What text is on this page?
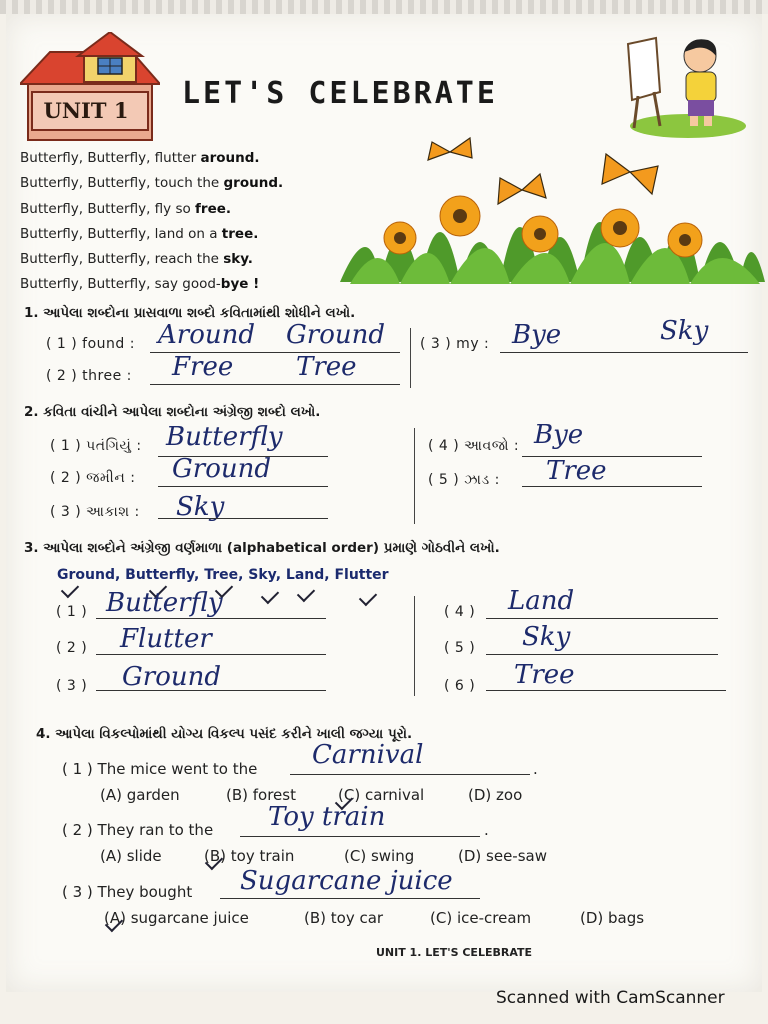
UNIT 1	LET'S CELEBRATE
Butterfly, Butterfly, flutter around.
Butterfly, Butterfly, touch the ground.
Butterfly, Butterfly, fly so free.
Butterfly, Butterfly, land on a tree.
Butterfly, Butterfly, reach the sky.
Butterfly, Butterfly, say good-bye !
1. આપેલા શબ્દોના પ્રાસવાળા શબ્દો કવિતામાંથી શોધીને લખો.
( 1 ) found : Around Ground
( 2 ) three : Free Tree
( 3 ) my : Bye	Sky
2. કવિતા વાંચીને આપેલા શબ્દોના અંગ્રેજી શબ્દો લખો.
( 1 ) પતંગિયું : Butterfly
( 2 ) જમીન : Ground
( 3 ) આકાશ : Sky
( 4 ) આવજો : Bye
( 5 ) ઝાડ : Tree
3. આપેલા શબ્દોને અંગ્રેજી વર્ણમાળા (alphabetical order) પ્રમાણે ગોઠવીને લખો.
Ground, Butterfly, Tree, Sky, Land, Flutter
( 1 ) Butterfly
( 2 ) Flutter
( 3 ) Ground
( 4 ) Land
( 5 ) Sky
( 6 ) Tree
4. આપેલા વિકલ્પોમાંથી યોગ્ય વિકલ્પ પસંદ કરીને ખાલી જગ્યા પૂરો.
( 1 ) The mice went to the Carnival	.
(A) garden	(B) forest	(C) carnival	(D) zoo
( 2 ) They ran to the Toy train	.
(A) slide	(B) toy train	(C) swing	(D) see-saw
( 3 ) They bought Sugarcane juice
(A) sugarcane juice	(B) toy car	(C) ice-cream	(D) bags
UNIT 1. LET'S CELEBRATE
Scanned with CamScanner
